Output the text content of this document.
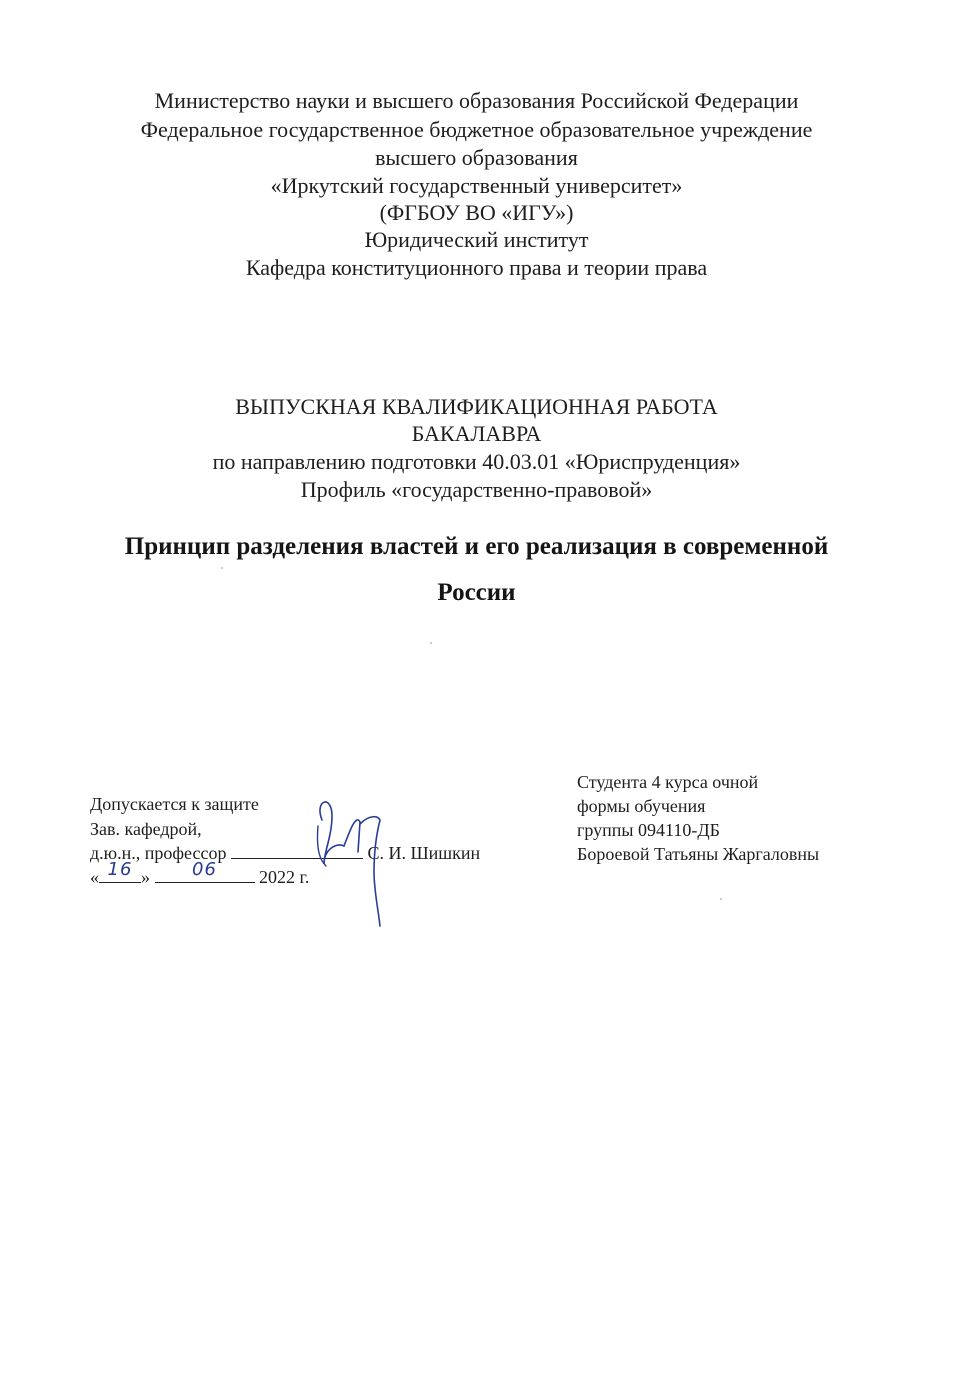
Министерство науки и высшего образования Российской Федерации
Федеральное государственное бюджетное образовательное учреждение
высшего образования
«Иркутский государственный университет»
(ФГБОУ ВО «ИГУ»)
Юридический институт
Кафедра конституционного права и теории права
ВЫПУСКНАЯ КВАЛИФИКАЦИОННАЯ РАБОТА
БАКАЛАВРА
по направлению подготовки 40.03.01 «Юриспруденция»
Профиль «государственно-правовой»
Принцип разделения властей и его реализация в современной
России
Допускается к защите
Зав. кафедрой,
д.ю.н., профессор	С. И. Шишкин
« 16 »	06	2022 г.
Студента 4 курса очной
формы обучения
группы 094110-ДБ
Бороевой Татьяны Жаргаловны
